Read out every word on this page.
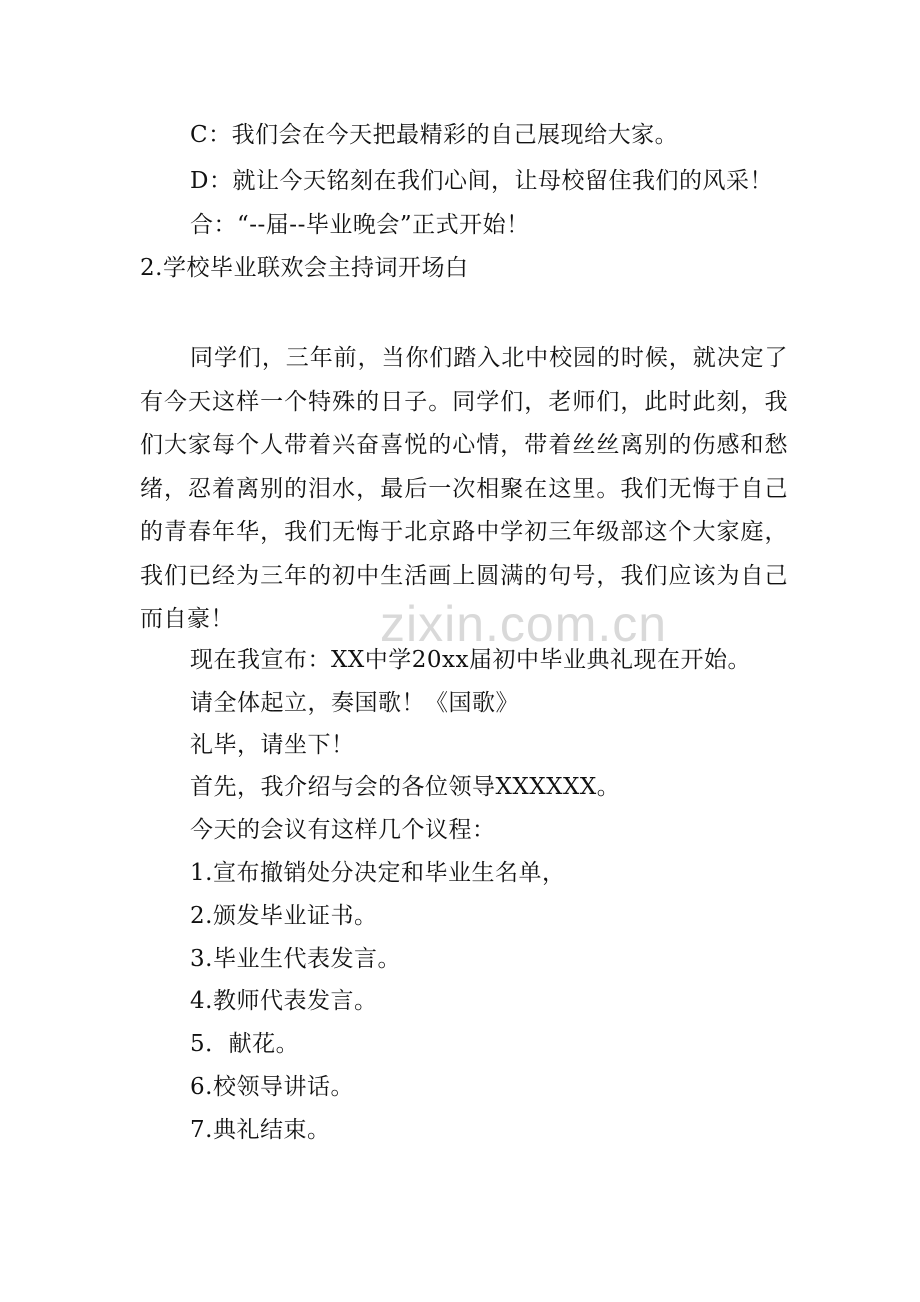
zixin.com.cn
C：我们会在今天把最精彩的自己展现给大家。
D：就让今天铭刻在我们心间，让母校留住我们的风采！
合：“--届--毕业晚会”正式开始！
2.学校毕业联欢会主持词开场白
同学们，三年前，当你们踏入北中校园的时候，就决定了有今天这样一个特殊的日子。同学们，老师们，此时此刻，我们大家每个人带着兴奋喜悦的心情，带着丝丝离别的伤感和愁绪，忍着离别的泪水，最后一次相聚在这里。我们无悔于自己的青春年华，我们无悔于北京路中学初三年级部这个大家庭，我们已经为三年的初中生活画上圆满的句号，我们应该为自己而自豪！
现在我宣布：XX中学20xx届初中毕业典礼现在开始。
请全体起立，奏国歌！《国歌》
礼毕，请坐下！
首先，我介绍与会的各位领导XXXXXX。
今天的会议有这样几个议程：
1.宣布撤销处分决定和毕业生名单，
2.颁发毕业证书。
3.毕业生代表发言。
4.教师代表发言。
5．献花。
6.校领导讲话。
7.典礼结束。
